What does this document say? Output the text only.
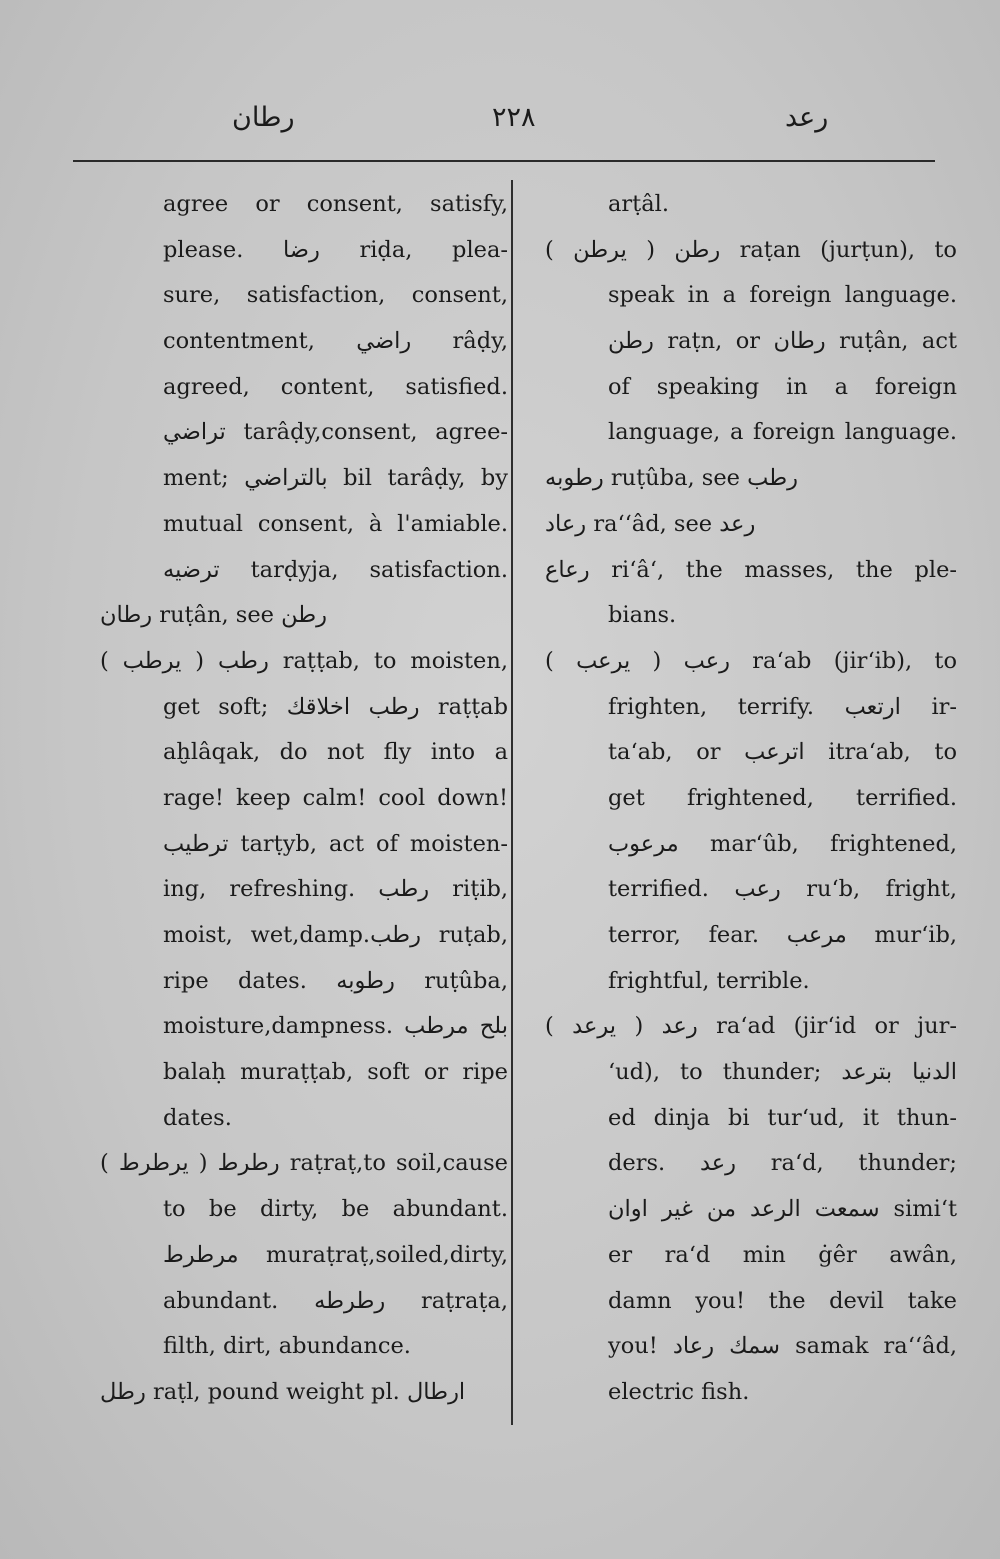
رطان	۲۲۸	رعد
agree or consent, satisfy,
please. رضا riḍa, plea-
sure, satisfaction, consent,
contentment, راضي râḍy,
agreed, content, satisfied.
تراضي tarâḍy,consent, agree-
ment; بالتراضي bil tarâḍy, by
mutual consent, à l'amiable.
ترضيه tarḍyja, satisfaction.
رطان ruṭân, see رطن
رطب ( يرطب ) raṭṭab, to moisten,
get soft; رطب اخلاقك raṭṭab
aḫlâqak, do not fly into a
rage! keep calm! cool down!
ترطيب tarṭyb, act of moisten-
ing, refreshing. رطب riṭib,
moist, wet,damp.رطب ruṭab,
ripe dates. رطوبه ruṭûba,
moisture,dampness. بلح مرطب
balaḥ muraṭṭab, soft or ripe
dates.
رطرط ( يرطرط ) raṭraṭ,to soil,cause
to be dirty, be abundant.
مرطرط muraṭraṭ,soiled,dirty,
abundant. رطرطه raṭraṭa,
filth, dirt, abundance.
رطل raṭl, pound weight pl. ارطال
arṭâl.
رطن ( يرطن ) raṭan (jurṭun), to
speak in a foreign language.
رطن raṭn, or رطان ruṭân, act
of speaking in a foreign
language, a foreign language.
رطوبه ruṭûba, see رطب
رعاد ra‘‘âd, see رعد
رعاع ri‘â‘, the masses, the ple-
bians.
رعب ( يرعب ) ra‘ab (jir‘ib), to
frighten, terrify. ارتعب ir-
ta‘ab, or اترعب itra‘ab, to
get frightened, terrified.
مرعوب mar‘ûb, frightened,
terrified. رعب ru‘b, fright,
terror, fear. مرعب mur‘ib,
frightful, terrible.
رعد ( يرعد ) ra‘ad (jir‘id or jur-
‘ud), to thunder; الدنيا بترعد
ed dinja bi tur‘ud, it thun-
ders. رعد ra‘d, thunder;
سمعت الرعد من غير اوان simi‘t
er ra‘d min ġêr awân,
damn you! the devil take
you! سمك رعاد samak ra‘‘âd,
electric fish.
